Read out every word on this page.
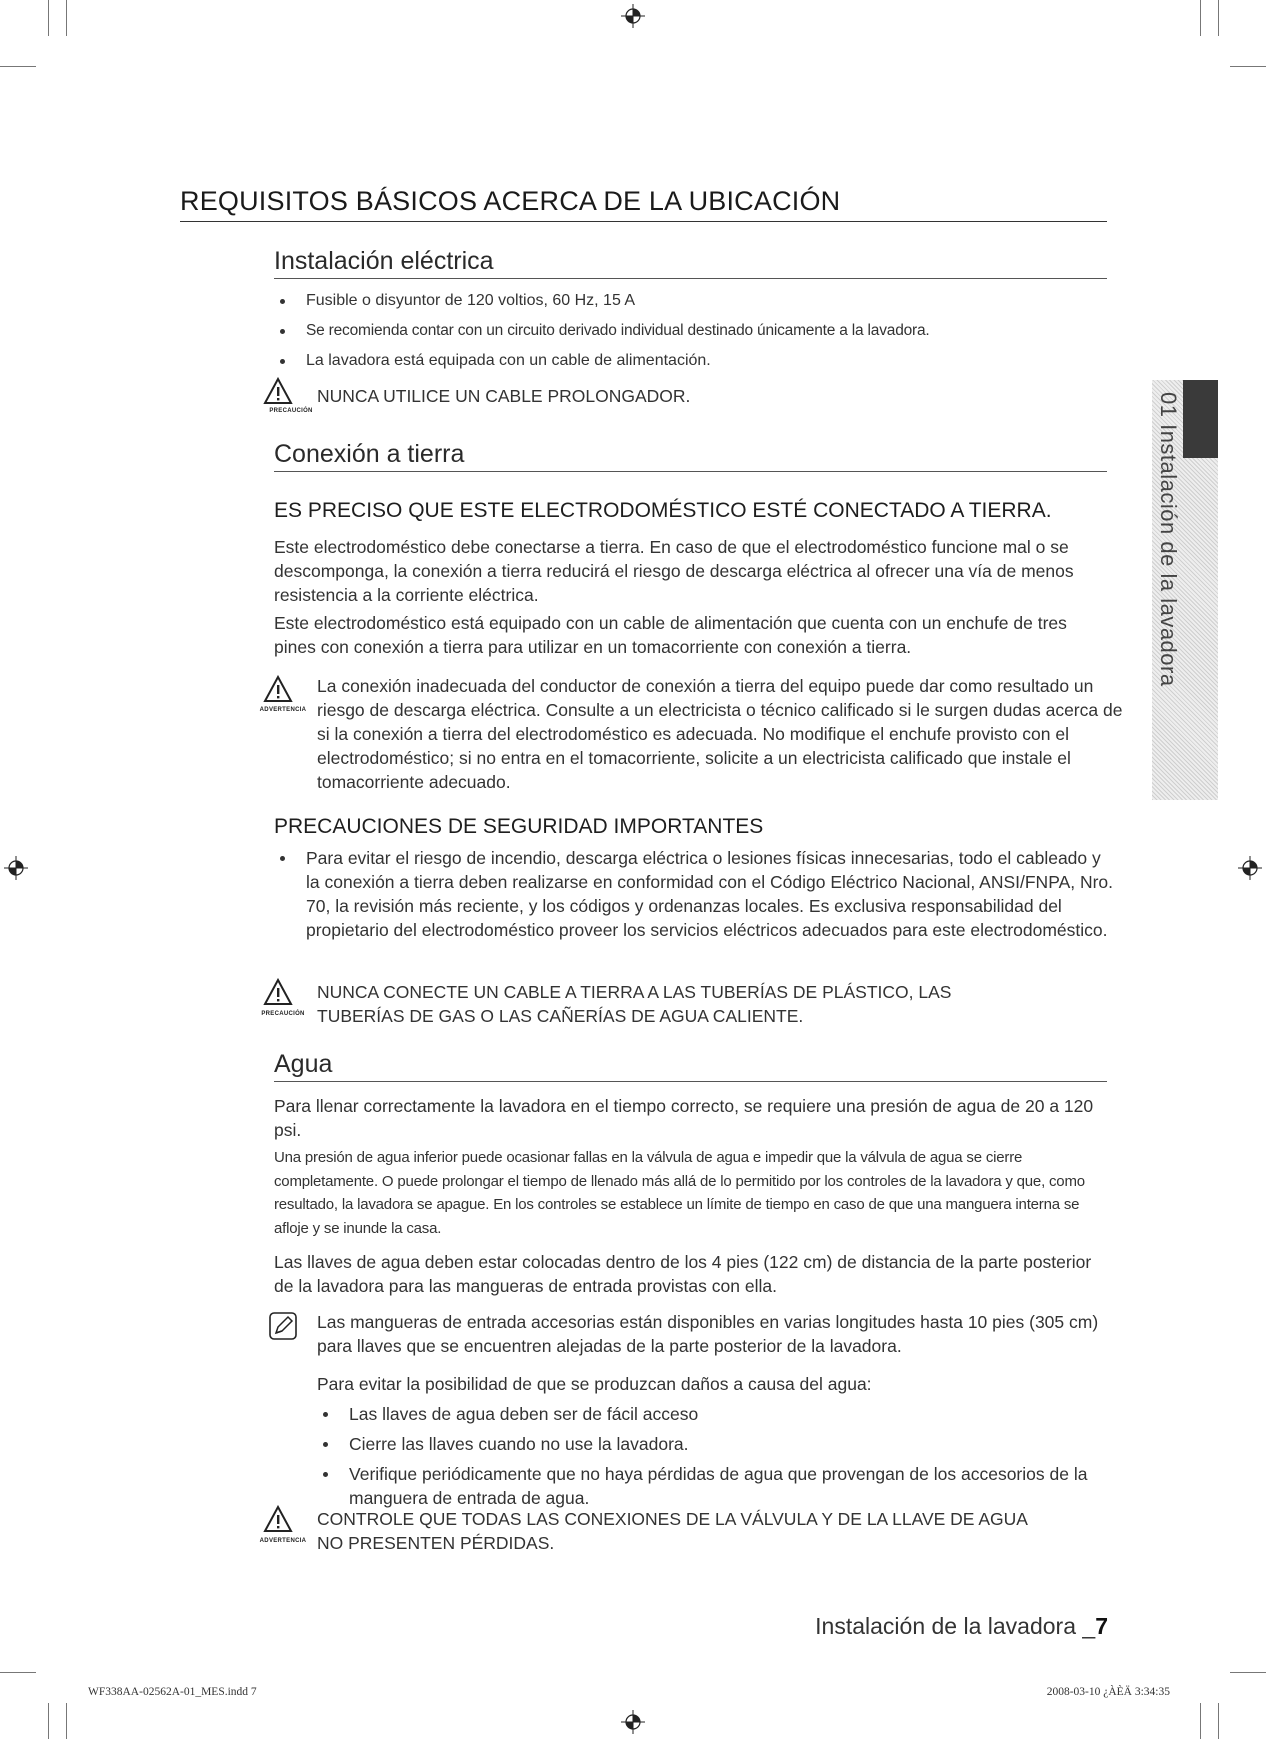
REQUISITOS BÁSICOS ACERCA DE LA UBICACIÓN
Instalación eléctrica
Fusible o disyuntor de 120 voltios, 60 Hz, 15 A
Se recomienda contar con un circuito derivado individual destinado únicamente a la lavadora.
La lavadora está equipada con un cable de alimentación.
PRECAUCIÓN
NUNCA UTILICE UN CABLE PROLONGADOR.
Conexión a tierra
ES PRECISO QUE ESTE ELECTRODOMÉSTICO ESTÉ CONECTADO A TIERRA.

Este electrodoméstico debe conectarse a tierra. En caso de que el electrodoméstico funcione mal o se descomponga, la conexión a tierra reducirá el riesgo de descarga eléctrica al ofrecer una vía de menos resistencia a la corriente eléctrica.

Este electrodoméstico está equipado con un cable de alimentación que cuenta con un enchufe de tres pines con conexión a tierra para utilizar en un tomacorriente con conexión a tierra.

ADVERTENCIA
La conexión inadecuada del conductor de conexión a tierra del equipo puede dar como resultado un riesgo de descarga eléctrica. Consulte a un electricista o técnico calificado si le surgen dudas acerca de si la conexión a tierra del electrodoméstico es adecuada. No modifique el enchufe provisto con el electrodoméstico; si no entra en el tomacorriente, solicite a un electricista calificado que instale el tomacorriente adecuado.
PRECAUCIONES DE SEGURIDAD IMPORTANTES
Para evitar el riesgo de incendio, descarga eléctrica o lesiones físicas innecesarias, todo el cableado y la conexión a tierra deben realizarse en conformidad con el Código Eléctrico Nacional, ANSI/FNPA, Nro. 70, la revisión más reciente, y los códigos y ordenanzas locales. Es exclusiva responsabilidad del propietario del electrodoméstico proveer los servicios eléctricos adecuados para este electrodoméstico.
PRECAUCIÓN
NUNCA CONECTE UN CABLE A TIERRA A LAS TUBERÍAS DE PLÁSTICO, LAS
TUBERÍAS DE GAS O LAS CAÑERÍAS DE AGUA CALIENTE.
Agua

Para llenar correctamente la lavadora en el tiempo correcto, se requiere una presión de agua de 20 a 120 psi.

Una presión de agua inferior puede ocasionar fallas en la válvula de agua e impedir que la válvula de agua se cierre completamente. O puede prolongar el tiempo de llenado más allá de lo permitido por los controles de la lavadora y que, como resultado, la lavadora se apague. En los controles se establece un límite de tiempo en caso de que una manguera interna se afloje y se inunde la casa.

Las llaves de agua deben estar colocadas dentro de los 4 pies (122 cm) de distancia de la parte posterior de la lavadora para las mangueras de entrada provistas con ella.

Las mangueras de entrada accesorias están disponibles en varias longitudes hasta 10 pies (305 cm) para llaves que se encuentren alejadas de la parte posterior de la lavadora.

Para evitar la posibilidad de que se produzcan daños a causa del agua:

Las llaves de agua deben ser de fácil acceso
Cierre las llaves cuando no use la lavadora.
Verifique periódicamente que no haya pérdidas de agua que provengan de los accesorios de la manguera de entrada de agua.
ADVERTENCIA
CONTROLE QUE TODAS LAS CONEXIONES DE LA VÁLVULA Y DE LA LLAVE DE AGUA
NO PRESENTEN PÉRDIDAS.
01 Instalación de la lavadora
Instalación de la lavadora _7
WF338AA-02562A-01_MES.indd 7	2008-03-10 ¿ÀÈÄ 3:34:35
